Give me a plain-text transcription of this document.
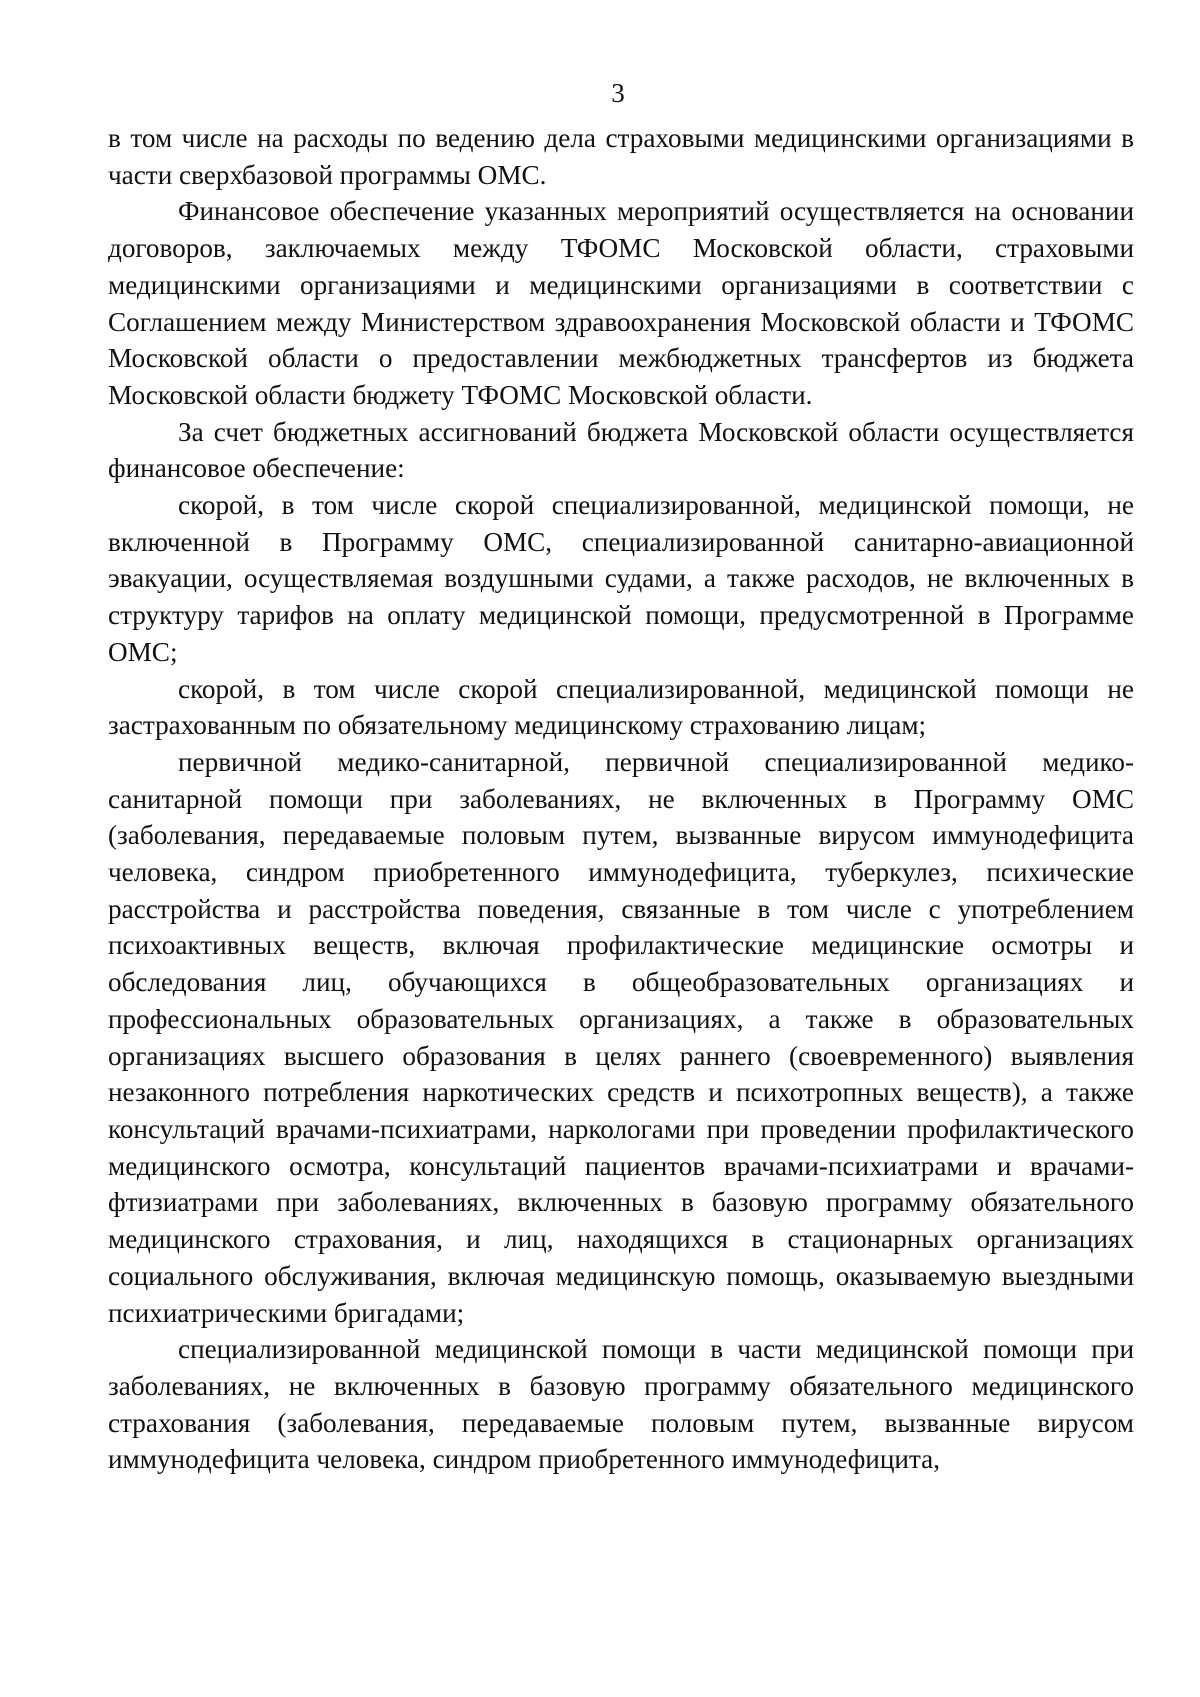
3

в том числе на расходы по ведению дела страховыми медицинскими организациями в части сверхбазовой программы ОМС.

Финансовое обеспечение указанных мероприятий осуществляется на основании договоров, заключаемых между ТФОМС Московской области, страховыми медицинскими организациями и медицинскими организациями в соответствии с Соглашением между Министерством здравоохранения Московской области и ТФОМС Московской области о предоставлении межбюджетных трансфертов из бюджета Московской области бюджету ТФОМС Московской области.

За счет бюджетных ассигнований бюджета Московской области осуществляется финансовое обеспечение:

скорой, в том числе скорой специализированной, медицинской помощи, не включенной в Программу ОМС, специализированной санитарно-авиационной эвакуации, осуществляемая воздушными судами, а также расходов, не включенных в структуру тарифов на оплату медицинской помощи, предусмотренной в Программе ОМС;

скорой, в том числе скорой специализированной, медицинской помощи не застрахованным по обязательному медицинскому страхованию лицам;

первичной медико-санитарной, первичной специализированной медико-санитарной помощи при заболеваниях, не включенных в Программу ОМС (заболевания, передаваемые половым путем, вызванные вирусом иммунодефицита человека, синдром приобретенного иммунодефицита, туберкулез, психические расстройства и расстройства поведения, связанные в том числе с употреблением психоактивных веществ, включая профилактические медицинские осмотры и обследования лиц, обучающихся в общеобразовательных организациях и профессиональных образовательных организациях, а также в образовательных организациях высшего образования в целях раннего (своевременного) выявления незаконного потребления наркотических средств и психотропных веществ), а также консультаций врачами-психиатрами, наркологами при проведении профилактического медицинского осмотра, консультаций пациентов врачами-психиатрами и врачами-фтизиатрами при заболеваниях, включенных в базовую программу обязательного медицинского страхования, и лиц, находящихся в стационарных организациях социального обслуживания, включая медицинскую помощь, оказываемую выездными психиатрическими бригадами;

специализированной медицинской помощи в части медицинской помощи при заболеваниях, не включенных в базовую программу обязательного медицинского страхования (заболевания, передаваемые половым путем, вызванные вирусом иммунодефицита человека, синдром приобретенного иммунодефицита,
